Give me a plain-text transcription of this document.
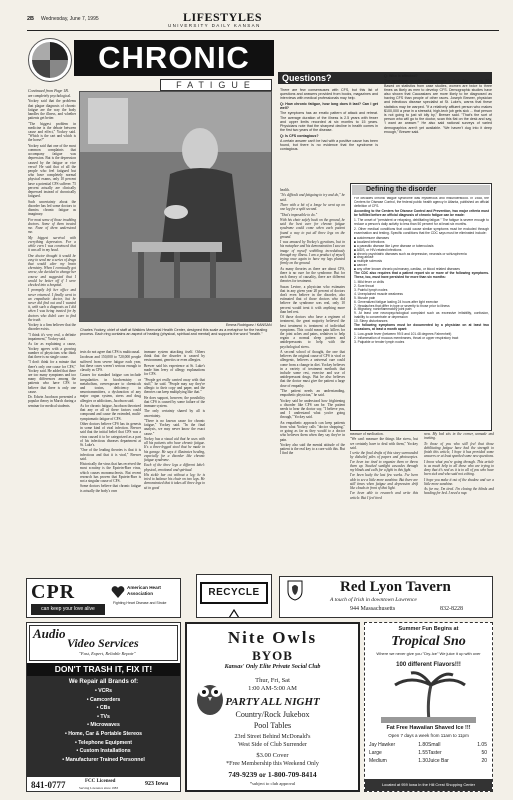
LIFESTYLES
2B Wednesday, June 7, 1995
UNIVERSITY DAILY KANSAN
CHRONIC
FATIGUE
Emma Rodriguez / KANSAN
Charles Yockey, chief of staff at Watkins Memorial Health Center, designed this scale as a metaphor for the healing process. Each ring contains an aspect of healing (physical, spiritual and mental) and supports the word "health."
Continued from Page 1B.

are completely psychological.

Yockey said that the problems that plague diagnosis of chronic fatigue are the way the body handles the illness, and whether patients get better.

"The biggest problem in medicine is the debate between cause and effect," Yockey said. "Which is the cart and which is the horse?"

Yockey said that one of the most common complaints that accompany fatigue was depression. But is the depression caused by the fatigue or vice versa? He said that of all the people who feel fatigued but who have completely normal physical exams, only 10 percent have a potential CFS sufferer. 75 percent actually are clinically depressed instead of chronically fatigued.

Such uncertainty about the disorder has led some doctors to dismiss chronic fatigue as imaginary.

For most some of those troubling doctors. Some of them treated me. None of them understood me.

My biggest survival with everything depression. For a while even I was convinced that it was all in my head.

One doctor thought it would be easy to send me a series of drugs that would alter my brain chemistry. When I eventually got worse, she decided to change her course and suggested that I would be better off if I were checked into a hospital.

I promptly left her office and never returned. I finally went to an empathetic doctor, but he never did find out and I wanted it, with such a diagnosis as I did when I was being treated for by doctors who didn't care to find the truth.

Yockey is a firm believer that the disorder exists.

"I think it's very real, a definite impairment," Yockey said.

As far as explaining a cause, Yockey agrees with a growing number of physicians who think that there is no single cause.

"I don't think for a minute that there's only one cause for CFS," Yockey said. He added that there are too many symptoms and too many differences among the patients who have CFS to believe that there is only one cause.

Dr. Edwin Jacobson presented a popular theory in March during a seminar for medical students.

tests do not agree that CFS is multicausal.

Jacobson and 150,000 to 720,000 people suffered from severe fatigue each year, but these cases weren't serious enough to classify as CFS.

Causes for standard fatigue can include irregularities in biochemistry or metabolism, overexposure to chemicals and toxins, deficiency in neurotransmitters, a dysfunction of any major organ system, stress and drug allergies or addictions, Jacobson said.

As for chronic fatigue, Jacobson theorized that any or all of these factors could compound and cause the extended, multi-symptomatic fatigue of CFS.

Other doctors believe CFS has its genesis in some kind of viral infection. Brewer said that the initial belief that CFS was a virus caused it to be categorized as a part of his infectious diseases department at St. Luke's.

"One of the leading theories is that it is infectious and that it is viral," Brewer said.

Historically the virus that has received the most scrutiny is the Epstein-Barr virus, which causes mononucleosis. But recent research has proven that Epstein-Barr is not a singular cause of CFS.

Some doctors believe that chronic fatigue is actually the body's own

immune system attacking itself. Others think that the disorder is caused by environment, genetics or even allergies.

Brewer said his experience at St. Luke's made him leery of allergy explanations for CFS.

"People get really carried away with that stuff," he said. "People may say they're allergic to their copy and paper, and the theories can keep multiplying like that."

He does support, however, the possibility that CFS is caused by some failure of the immune system.

The only certainty shared by all is uncertainty.

"There is no known cause for chronic fatigue," Yockey said. "In the final analysis, we may never know the exact cause."

Yockey has a visual aid that he uses with all his patients who have chronic fatigue. It's a three-legged stool that he made in his garage. He says it illustrates healing, especially for a disorder like chronic fatigue syndrome.

Each of the three legs a different label: physical, emotional and spiritual.

His sickle bar cut without a leg; he is tried to balance his chair on two legs. He demonstrated that it takes all three legs to sit in good

health.

"It's difficult and fatiguing to try and do," he said.

There with a bit of a longe he went up on one leg for a split second.

"That's impossible to do."

With his chair safely back on the ground, he said the best cure for chronic fatigue syndrome could come when each patient found a way to put all three legs on the ground.

I was amazed by Yockey's gyrations, but in his metaphor and his demonstration I saw an image of myself wobbling incredulously through my illness. I am a product of myself trying once again to have my legs planted firmly on the ground.

As many theories as there are about CFS, there is no cure for the syndrome. But for each theory of causality, there are different theories for treatment.

Susan Levine, a physician who estimates that in any given year 20 percent of doctors don't even believe in the disorder, also estimated that of those doctors who did believe the syndrome was real, only 10 percent would treat it with anything more than bed rest.

Of those doctors who have a regimen of treatment, the great majority believed the best treatment is treatment of individual symptoms. This could mean pain killers for the joint aches and pains, sedatives to help regain a normal sleep pattern and antidepressants to help with the psychological stress.

A second school of thought, the one that believes the original cause of CFS is viral or allergenic, believes a universal cure could come from a change in diet. Yockey believes in a variety of treatment methods that include some rest, exercise and use of antidepressant drugs. But he also believes that the doctor must give the patient a large dose of empathy.

"The patient needs an understanding, empathetic physician," he said.

Yockey said he understood how frightening a disorder like CFS can be. The patient needs to hear the doctor say, "I believe you, and I understand what you're going through," Yockey said.

An empathetic approach can keep patients from what Yockey calls "doctor shopping," or going as far as they would to a doctor who believes them when they say they're in pain.

Yockey also said the mental attitude of the patient is the real key to a cure with this. But I find the

measure of medication.

"We can't measure the things like stress, but we certainly have to deal with them," Yockey said.

I write the final drafts of this story surrounded by disbelief piles of papers and photocopies. I've been too tired to organize them or throw them up. Stacked sunlight cascades through my blinds and calls for a fight in this fight.

I've been lucky the last few weeks. I've been able to see a little more sunshine. But there are still times when fatigue and depression drift like clouds in front of that light.

I've been able to research and write this article. But I feel tired

now. My bed sits in the corner, unmade and inviting.

To those of you who still feel that those debilitating fatigue have had the strength to finish this article, I hope it has provided some answers or at least sparked some new questions.

I know what you're going through. This article is as much help to all those who are trying to deny that it's real as it is to all of you who have been sick and who said not a thing.

I hope you make it out of the shadow and see a little more sunshine.

As for me, I'm tired. I'm closing the blinds and heading for bed. I need a nap.

Questions?

There are few consensuses with CFS, but this list of questions and answers provided from books, magazines and interviews with medical professionals may help.

Q: How chronic fatigue, how long does it last? Can I get well?

The symptoms has an erratic pattern of attack and retreat. The average duration of the illness is 2.5 years with fewer and upper limits recorded at six months to 15 years. Physicians note that the sharpest decline in health comes in the first two years of the disease.

Q: Is CFS contagious?

A certain answer can't be had with a positive cause has been found, but there is no evidence that the syndrome is contagious.

Q: Who is affected?

The syndrome usually strikes people in their 20s or early 30s. Based on statistics from case studies, women are twice to three times as likely as men to develop CFS. Demographic studies have also shown that Caucasians are more likely to be diagnosed as having CFS than people of other races. Joseph Brewer, physician and infectious disease specialist at St. Luke's, warns that these statistics may be warped. "If a relatively affluent person who makes $100,000 a year in a stressful, high-tech job gets sick ... that person is not going to just sit idly by," Brewer said. "That's the sort of person who will go to the doctor, scan this flat on the desk and say, 'I want an answer.'" He also said national surveys of varied demographics aren't yet available. "We haven't dug into it deep enough," Brewer said.

Defining the disorder

For decades chronic fatigue syndrome was mysterious and misunderstood. In 1988, the Centers for Disease Control, the federal public health agency in Atlanta, published an official definition of CFS.

According to the Centers for Disease Control and Prevention, two major criteria must be fulfilled before an official diagnosis of chronic fatigue can be made:

1. The onset of "persistent or relapsing, debilitating fatigue." The fatigue is severe enough to reduce a person's daily activity to less than 50 percent for at least six months.

2. Other medical conditions that could cause similar symptoms must be excluded through examination and testing. Specific conditions that the CDC says must be eliminated include:

■ autoimmune diseases
■ localized infections
■ a parasitic disease like Lyme disease or tuberculosis
■ AIDS, or HIV-related infections
■ chronic psychiatric diseases such as depression, neurosis or schizophrenia
■ drug abuse
■ multiple sclerosis
■ cancer
■ any other known chronic pulmonary, cardiac, or blood related diseases

The CDC also requires that a patient report six or more of the following symptoms. These, too, must have persisted for more than six months:

1. Mild fever or chills
2. Sore throat
3. Painful lymph nodes
4. Unexplained muscle weakness
5. Muscle pain
6. Generalized fatigue lasting 24 hours after light exercise
7. Headaches that differ in type or severity to those prior to illness
8. Migratory, noninflammatory joint pain
9. At least one neuropsychological complaint such as excessive irritability, confusion, inability to concentrate or depression
10. Sleep disturbances

The following symptoms must be documented by a physician on at least two occasions, at least a month apart:

1. Low-grade fever (between 99.5 and 101.48 degrees Fahrenheit)
2. Inflammation of mucous membranes, throat or upper respiratory tract
3. Palpable or tender lymph nodes
CPR
can keep your love alive
American Heart Association
Fighting Heart Disease and Stroke
RECYCLE	Red Lyon Tavern
A touch of Irish in downtown Lawrence
944 Massachusetts	832-8228
Audio
Video Services
"Fast, Expert, Reliable Repair"
DON'T TRASH IT, FIX IT!
We Repair all Brands of:
• VCRs
• Camcorders
• CBs
• TVs
• Microwaves
• Home, Car & Portable Stereos
• Telephone Equipment
• Custom Installations
• Manufacturer Trained Personnel
841-0777	FCC Licensed
Serving Lawrence since 1983
923 Iowa
Nite Owls
BYOB
Kansas' Only Elite Private Social Club
Thur, Fri, Sat
1:00 AM-5:00 AM
PARTY ALL NIGHT
Country/Rock Jukebox
Pool Tables
23rd Street Behind McDonald's
West Side of Club Surrender
$3.00 Cover
*Free Membership this Weekend Only
749-9239 or 1-800-709-8414
*subject to club approval
Summer Fun Begins at
Tropical Sno
Where we never give you "Dry-Ice" We juice it up with over
100 different Flavors!!!
Fat Free Hawaiian Shaved Ice !!!
Open 7 days a week from 11am to 11pm
Jay Hawker	1.80 Small	1.05
Large	1.55 Taster	50
Medium	1.30 Juice Bar	20
Located at 959 Iowa In the Hill Crest Shopping Center
